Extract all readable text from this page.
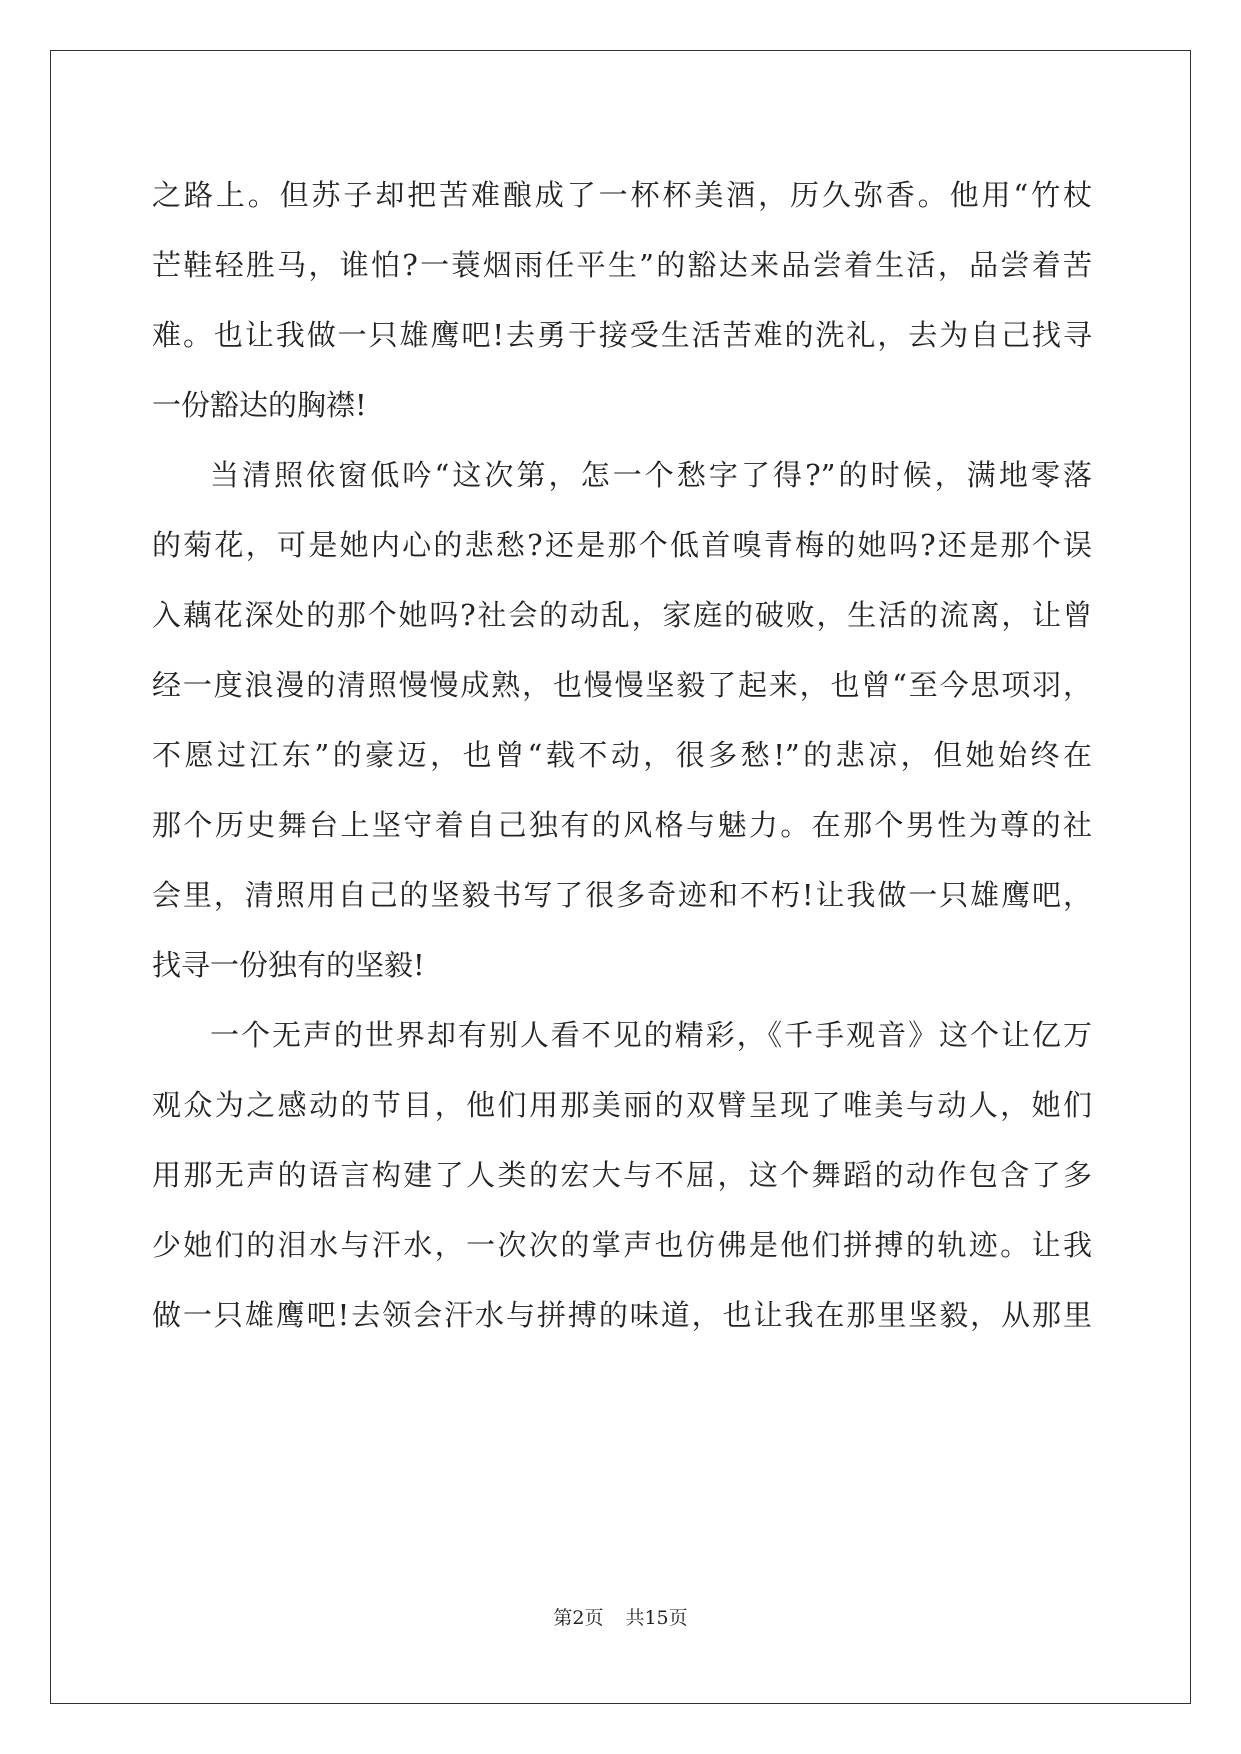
之路上。但苏子却把苦难酿成了一杯杯美酒，历久弥香。他用“竹杖
芒鞋轻胜马，谁怕?一蓑烟雨任平生”的豁达来品尝着生活，品尝着苦
难。也让我做一只雄鹰吧!去勇于接受生活苦难的洗礼，去为自己找寻
一份豁达的胸襟!
当清照依窗低吟“这次第，怎一个愁字了得?”的时候，满地零落
的菊花，可是她内心的悲愁?还是那个低首嗅青梅的她吗?还是那个误
入藕花深处的那个她吗?社会的动乱，家庭的破败，生活的流离，让曾
经一度浪漫的清照慢慢成熟，也慢慢坚毅了起来，也曾“至今思项羽，
不愿过江东”的豪迈，也曾“载不动，很多愁!”的悲凉，但她始终在
那个历史舞台上坚守着自己独有的风格与魅力。在那个男性为尊的社
会里，清照用自己的坚毅书写了很多奇迹和不朽!让我做一只雄鹰吧，
找寻一份独有的坚毅!
一个无声的世界却有别人看不见的精彩，《千手观音》这个让亿万
观众为之感动的节目，他们用那美丽的双臂呈现了唯美与动人，她们
用那无声的语言构建了人类的宏大与不屈，这个舞蹈的动作包含了多
少她们的泪水与汗水，一次次的掌声也仿佛是他们拼搏的轨迹。让我
做一只雄鹰吧!去领会汗水与拼搏的味道，也让我在那里坚毅，从那里
第2页 共15页
